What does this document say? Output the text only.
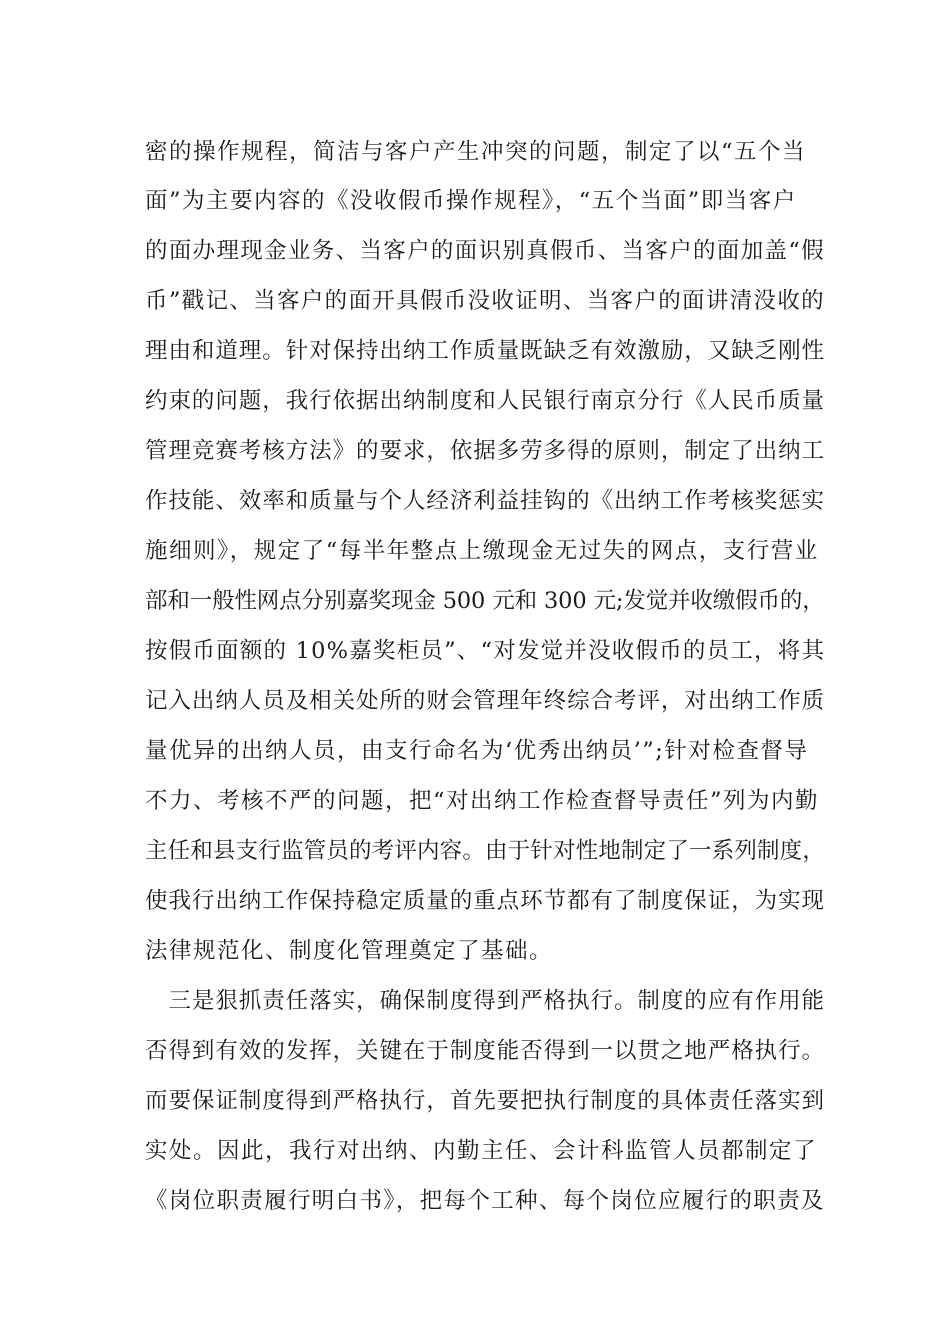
密的操作规程，简洁与客户产生冲突的问题，制定了以“五个当
面”为主要内容的《没收假币操作规程》，“五个当面”即当客户
的面办理现金业务、当客户的面识别真假币、当客户的面加盖“假
币”戳记、当客户的面开具假币没收证明、当客户的面讲清没收的
理由和道理。针对保持出纳工作质量既缺乏有效激励，又缺乏刚性
约束的问题，我行依据出纳制度和人民银行南京分行《人民币质量
管理竞赛考核方法》的要求，依据多劳多得的原则，制定了出纳工
作技能、效率和质量与个人经济利益挂钩的《出纳工作考核奖惩实
施细则》，规定了“每半年整点上缴现金无过失的网点，支行营业
部和一般性网点分别嘉奖现金 500 元和 300 元;发觉并收缴假币的，
按假币面额的 10%嘉奖柜员”、“对发觉并没收假币的员工，将其
记入出纳人员及相关处所的财会管理年终综合考评，对出纳工作质
量优异的出纳人员，由支行命名为‘优秀出纳员’”;针对检查督导
不力、考核不严的问题，把“对出纳工作检查督导责任”列为内勤
主任和县支行监管员的考评内容。由于针对性地制定了一系列制度，
使我行出纳工作保持稳定质量的重点环节都有了制度保证，为实现
法律规范化、制度化管理奠定了基础。
　三是狠抓责任落实，确保制度得到严格执行。制度的应有作用能
否得到有效的发挥，关键在于制度能否得到一以贯之地严格执行。
而要保证制度得到严格执行，首先要把执行制度的具体责任落实到
实处。因此，我行对出纳、内勤主任、会计科监管人员都制定了
《岗位职责履行明白书》，把每个工种、每个岗位应履行的职责及
